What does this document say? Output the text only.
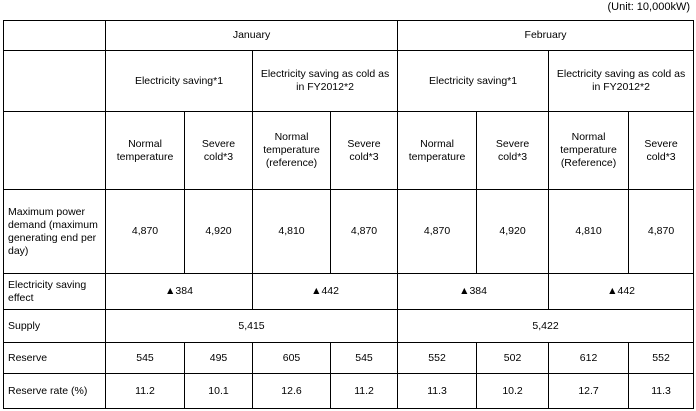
(Unit: 10,000kW)
	January				February			
	Electricity saving*1		Electricity saving as cold as in FY2012*2		Electricity saving*1		Electricity saving as cold as in FY2012*2	
	Normal temperature	Severe cold*3	Normal temperature (reference)	Severe cold*3	Normal temperature	Severe cold*3	Normal temperature (Reference)	Severe cold*3
Maximum power demand (maximum generating end per day)	4,870	4,920	4,810	4,870	4,870	4,920	4,810	4,870
Electricity saving effect	▲384		▲442		▲384		▲442	
Supply	5,415				5,422			
Reserve	545	495	605	545	552	502	612	552
Reserve rate (%)	11.2	10.1	12.6	11.2	11.3	10.2	12.7	11.3
